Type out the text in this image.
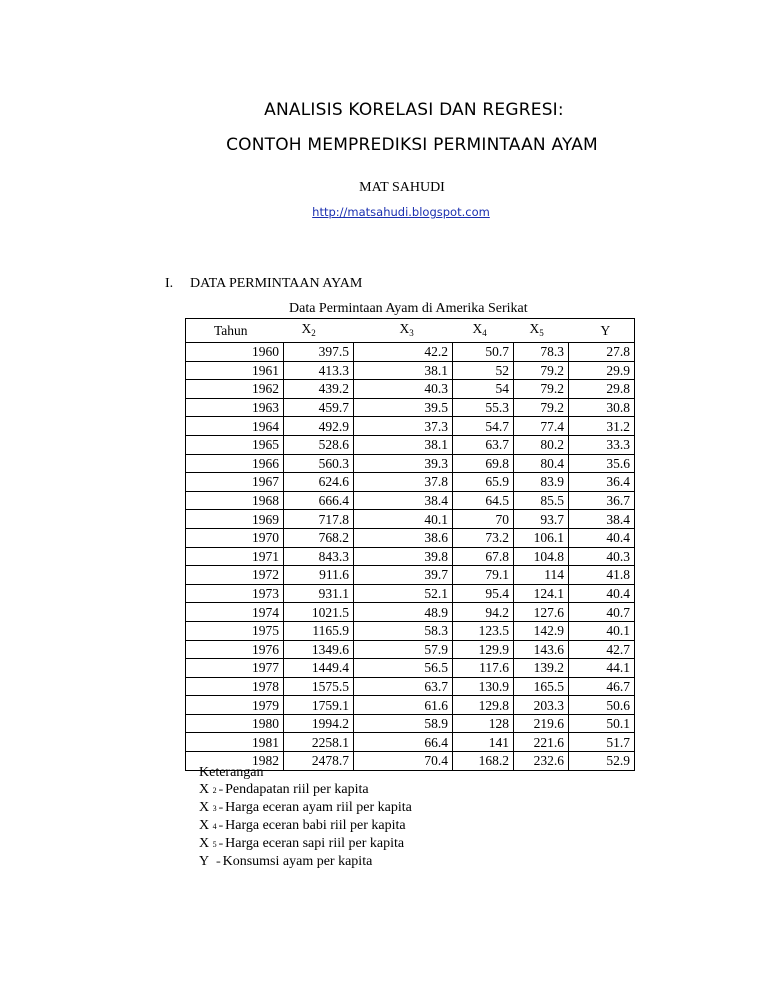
ANALISIS KORELASI DAN REGRESI:
CONTOH MEMPREDIKSI PERMINTAAN AYAM
MAT SAHUDI
http://matsahudi.blogspot.com
I. DATA PERMINTAAN AYAM
Data Permintaan Ayam di Amerika Serikat
Tahun	$X_2$	$X_3$	$X_4$	$X_5$	Y
1960	397.5	42.2	50.7	78.3	27.8
1961	413.3	38.1	52	79.2	29.9
1962	439.2	40.3	54	79.2	29.8
1963	459.7	39.5	55.3	79.2	30.8
1964	492.9	37.3	54.7	77.4	31.2
1965	528.6	38.1	63.7	80.2	33.3
1966	560.3	39.3	69.8	80.4	35.6
1967	624.6	37.8	65.9	83.9	36.4
1968	666.4	38.4	64.5	85.5	36.7
1969	717.8	40.1	70	93.7	38.4
1970	768.2	38.6	73.2	106.1	40.4
1971	843.3	39.8	67.8	104.8	40.3
1972	911.6	39.7	79.1	114	41.8
1973	931.1	52.1	95.4	124.1	40.4
1974	1021.5	48.9	94.2	127.6	40.7
1975	1165.9	58.3	123.5	142.9	40.1
1976	1349.6	57.9	129.9	143.6	42.7
1977	1449.4	56.5	117.6	139.2	44.1
1978	1575.5	63.7	130.9	165.5	46.7
1979	1759.1	61.6	129.8	203.3	50.6
1980	1994.2	58.9	128	219.6	50.1
1981	2258.1	66.4	141	221.6	51.7
1982	2478.7	70.4	168.2	232.6	52.9
Keterangan
X 2 = Pendapatan riil per kapita
X 3 = Harga eceran ayam riil per kapita
X 4 = Harga eceran babi riil per kapita
X 5 = Harga eceran sapi riil per kapita
Y   = Konsumsi ayam per kapita
